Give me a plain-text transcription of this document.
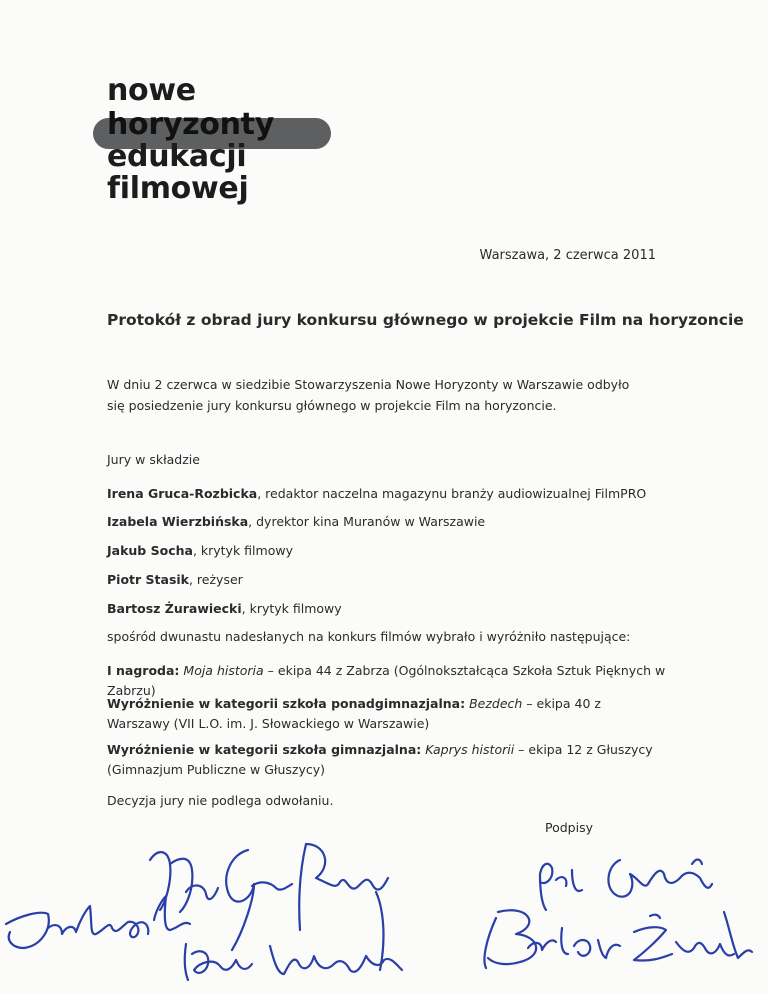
nowe
horyzonty
edukacji
filmowej
Warszawa, 2 czerwca 2011
Protokół z obrad jury konkursu głównego w projekcie Film na horyzoncie
W dniu 2 czerwca w siedzibie Stowarzyszenia Nowe Horyzonty w Warszawie odbyło się posiedzenie jury konkursu głównego w projekcie Film na horyzoncie.
Jury w składzie
Irena Gruca-Rozbicka, redaktor naczelna magazynu branży audiowizualnej FilmPRO
Izabela Wierzbińska, dyrektor kina Muranów w Warszawie
Jakub Socha, krytyk filmowy
Piotr Stasik, reżyser
Bartosz Żurawiecki, krytyk filmowy
spośród dwunastu nadesłanych na konkurs filmów wybrało i wyróżniło następujące:
I nagroda: Moja historia – ekipa 44 z Zabrza (Ogólnokształcąca Szkoła Sztuk Pięknych w Zabrzu)
Wyróżnienie w kategorii szkoła ponadgimnazjalna: Bezdech – ekipa 40 z Warszawy (VII L.O. im. J. Słowackiego w Warszawie)
Wyróżnienie w kategorii szkoła gimnazjalna: Kaprys historii – ekipa 12 z Głuszycy (Gimnazjum Publiczne w Głuszycy)
Decyzja jury nie podlega odwołaniu.
Podpisy
